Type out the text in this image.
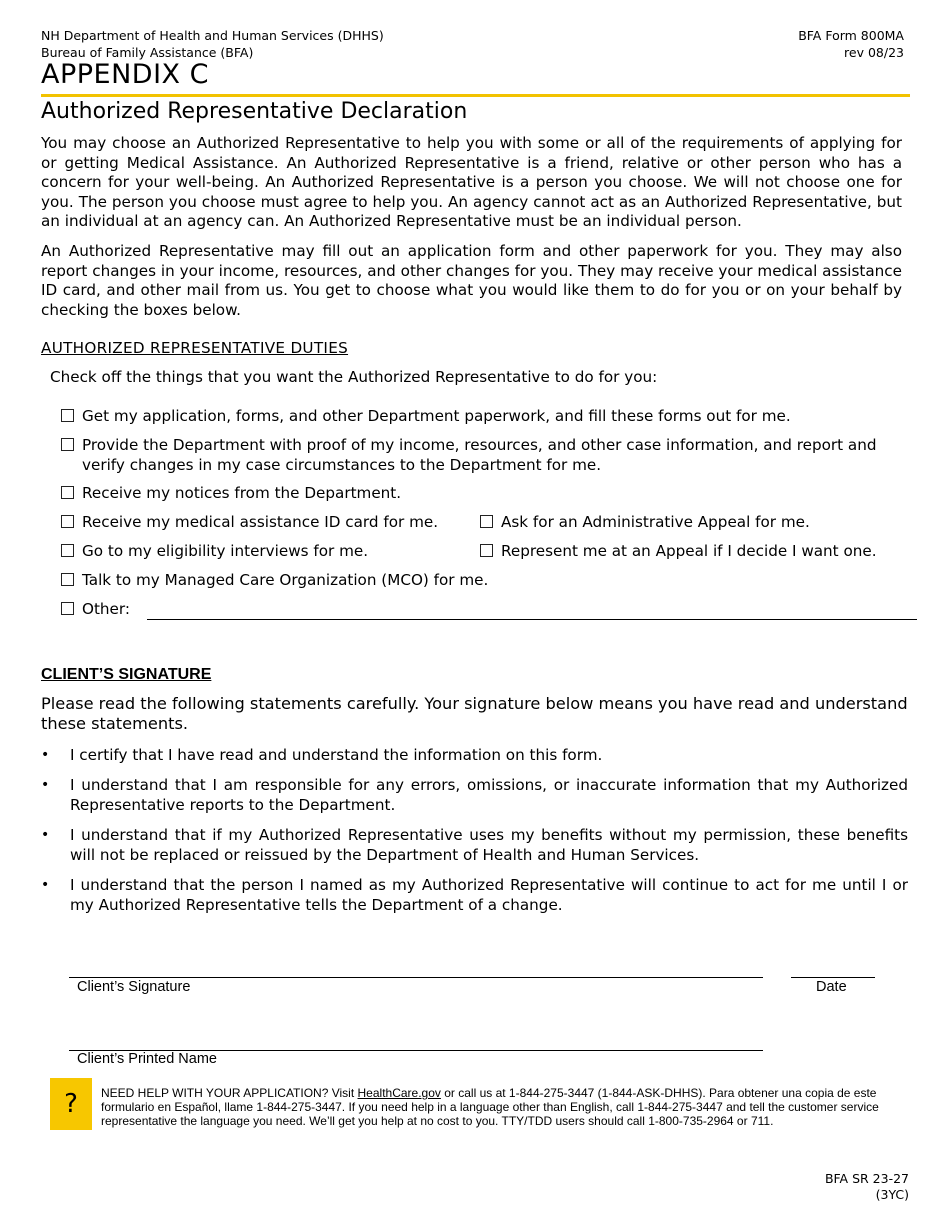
NH Department of Health and Human Services (DHHS)
Bureau of Family Assistance (BFA)
BFA Form 800MA
rev 08/23
APPENDIX C
Authorized Representative Declaration
You may choose an Authorized Representative to help you with some or all of the requirements of applying for or getting Medical Assistance. An Authorized Representative is a friend, relative or other person who has a concern for your well-being. An Authorized Representative is a person you choose. We will not choose one for you. The person you choose must agree to help you. An agency cannot act as an Authorized Representative, but an individual at an agency can. An Authorized Representative must be an individual person.
An Authorized Representative may fill out an application form and other paperwork for you. They may also report changes in your income, resources, and other changes for you. They may receive your medical assistance ID card, and other mail from us. You get to choose what you would like them to do for you or on your behalf by checking the boxes below.
AUTHORIZED REPRESENTATIVE DUTIES
Check off the things that you want the Authorized Representative to do for you:
Get my application, forms, and other Department paperwork, and fill these forms out for me.
Provide the Department with proof of my income, resources, and other case information, and report and verify changes in my case circumstances to the Department for me.
Receive my notices from the Department.
Receive my medical assistance ID card for me.	Ask for an Administrative Appeal for me.
Go to my eligibility interviews for me.	Represent me at an Appeal if I decide I want one.
Talk to my Managed Care Organization (MCO) for me.
Other:
CLIENT’S SIGNATURE
Please read the following statements carefully. Your signature below means you have read and understand these statements.
•	I certify that I have read and understand the information on this form.
•	I understand that I am responsible for any errors, omissions, or inaccurate information that my Authorized Representative reports to the Department.
•	I understand that if my Authorized Representative uses my benefits without my permission, these benefits will not be replaced or reissued by the Department of Health and Human Services.
•	I understand that the person I named as my Authorized Representative will continue to act for me until I or my Authorized Representative tells the Department of a change.
Client’s Signature	Date
Client’s Printed Name
?	NEED HELP WITH YOUR APPLICATION? Visit HealthCare.gov or call us at 1-844-275-3447 (1-844-ASK-DHHS). Para obtener una copia de este formulario en Español, llame 1-844-275-3447. If you need help in a language other than English, call 1-844-275-3447 and tell the customer service representative the language you need. We’ll get you help at no cost to you. TTY/TDD users should call 1-800-735-2964 or 711.
BFA SR 23-27
(3YC)
